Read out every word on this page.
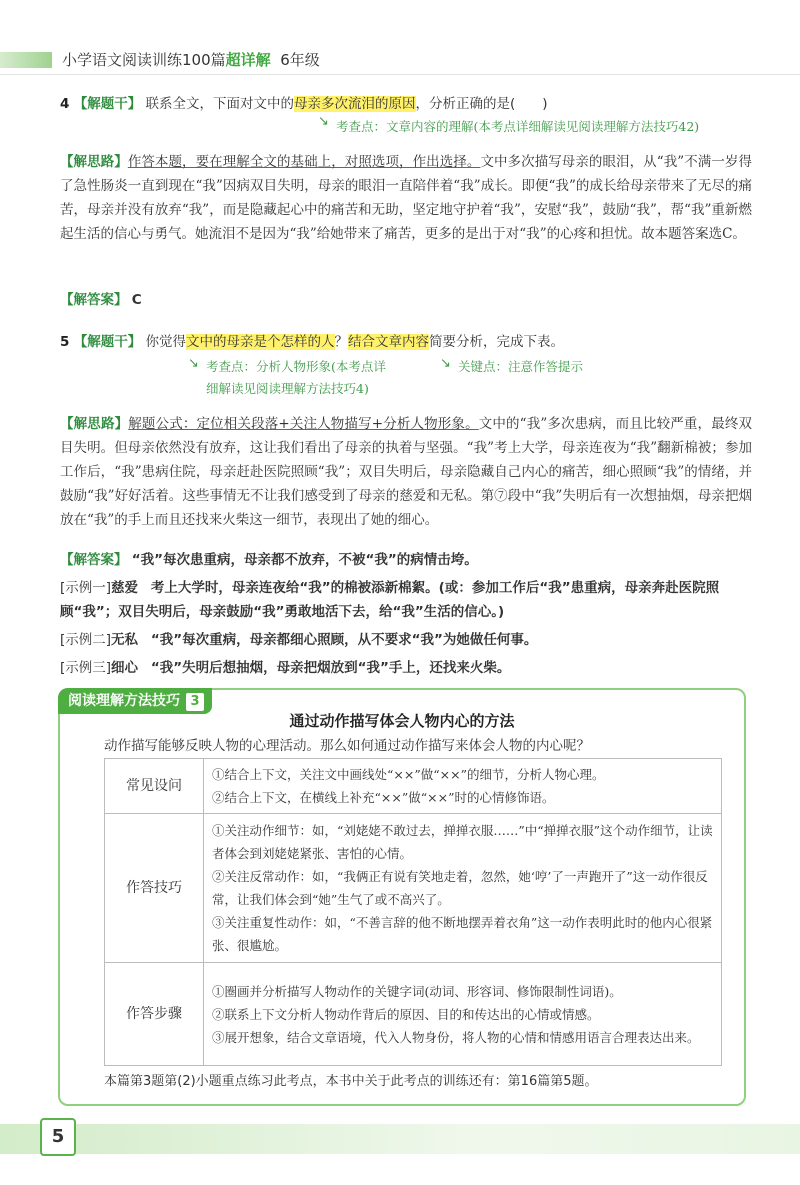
小学语文阅读训练100篇超详解 6年级
4 【解题干】 联系全文，下面对文中的母亲多次流泪的原因，分析正确的是(　　)
↘ 考查点：文章内容的理解(本考点详细解读见阅读理解方法技巧42)
【解思路】作答本题，要在理解全文的基础上，对照选项，作出选择。文中多次描写母亲的眼泪，从“我”不满一岁得了急性肠炎一直到现在“我”因病双目失明，母亲的眼泪一直陪伴着“我”成长。即便“我”的成长给母亲带来了无尽的痛苦，母亲并没有放弃“我”，而是隐藏起心中的痛苦和无助，坚定地守护着“我”，安慰“我”，鼓励“我”，帮“我”重新燃起生活的信心与勇气。她流泪不是因为“我”给她带来了痛苦，更多的是出于对“我”的心疼和担忧。故本题答案选C。
【解答案】 C
5 【解题干】 你觉得文中的母亲是个怎样的人？结合文章内容简要分析，完成下表。
↘ 考查点：分析人物形象(本考点详
细解读见阅读理解方法技巧4)
↘ 关键点：注意作答提示
【解思路】解题公式：定位相关段落+关注人物描写+分析人物形象。文中的“我”多次患病，而且比较严重，最终双目失明。但母亲依然没有放弃，这让我们看出了母亲的执着与坚强。“我”考上大学，母亲连夜为“我”翻新棉被；参加工作后，“我”患病住院，母亲赶赴医院照顾“我”；双目失明后，母亲隐藏自己内心的痛苦，细心照顾“我”的情绪，并鼓励“我”好好活着。这些事情无不让我们感受到了母亲的慈爱和无私。第⑦段中“我”失明后有一次想抽烟，母亲把烟放在“我”的手上而且还找来火柴这一细节，表现出了她的细心。
【解答案】 “我”每次患重病，母亲都不放弃，不被“我”的病情击垮。
[示例一]慈爱 考上大学时，母亲连夜给“我”的棉被添新棉絮。(或：参加工作后“我”患重病，母亲奔赴医院照顾“我”；双目失明后，母亲鼓励“我”勇敢地活下去，给“我”生活的信心。)
[示例二]无私 “我”每次重病，母亲都细心照顾，从不要求“我”为她做任何事。
[示例三]细心 “我”失明后想抽烟，母亲把烟放到“我”手上，还找来火柴。
阅读理解方法技巧 3
通过动作描写体会人物内心的方法
动作描写能够反映人物的心理活动。那么如何通过动作描写来体会人物的内心呢？
常见设问	①结合上下文，关注文中画线处“××”做“××”的细节，分析人物心理。
②结合上下文，在横线上补充“××”做“××”时的心情修饰语。

作答技巧	①关注动作细节：如，“刘姥姥不敢过去，掸掸衣服……”中“掸掸衣服”这个动作细节，让读者体会到刘姥姥紧张、害怕的心情。
②关注反常动作：如，“我俩正有说有笑地走着，忽然，她‘哼’了一声跑开了”这一动作很反常，让我们体会到“她”生气了或不高兴了。
③关注重复性动作：如，“不善言辞的他不断地摆弄着衣角”这一动作表明此时的他内心很紧张、很尴尬。

作答步骤	①圈画并分析描写人物动作的关键字词(动词、形容词、修饰限制性词语)。
②联系上下文分析人物动作背后的原因、目的和传达出的心情或情感。
③展开想象，结合文章语境，代入人物身份，将人物的心情和情感用语言合理表达出来。
本篇第3题第(2)小题重点练习此考点，本书中关于此考点的训练还有：第16篇第5题。
5
